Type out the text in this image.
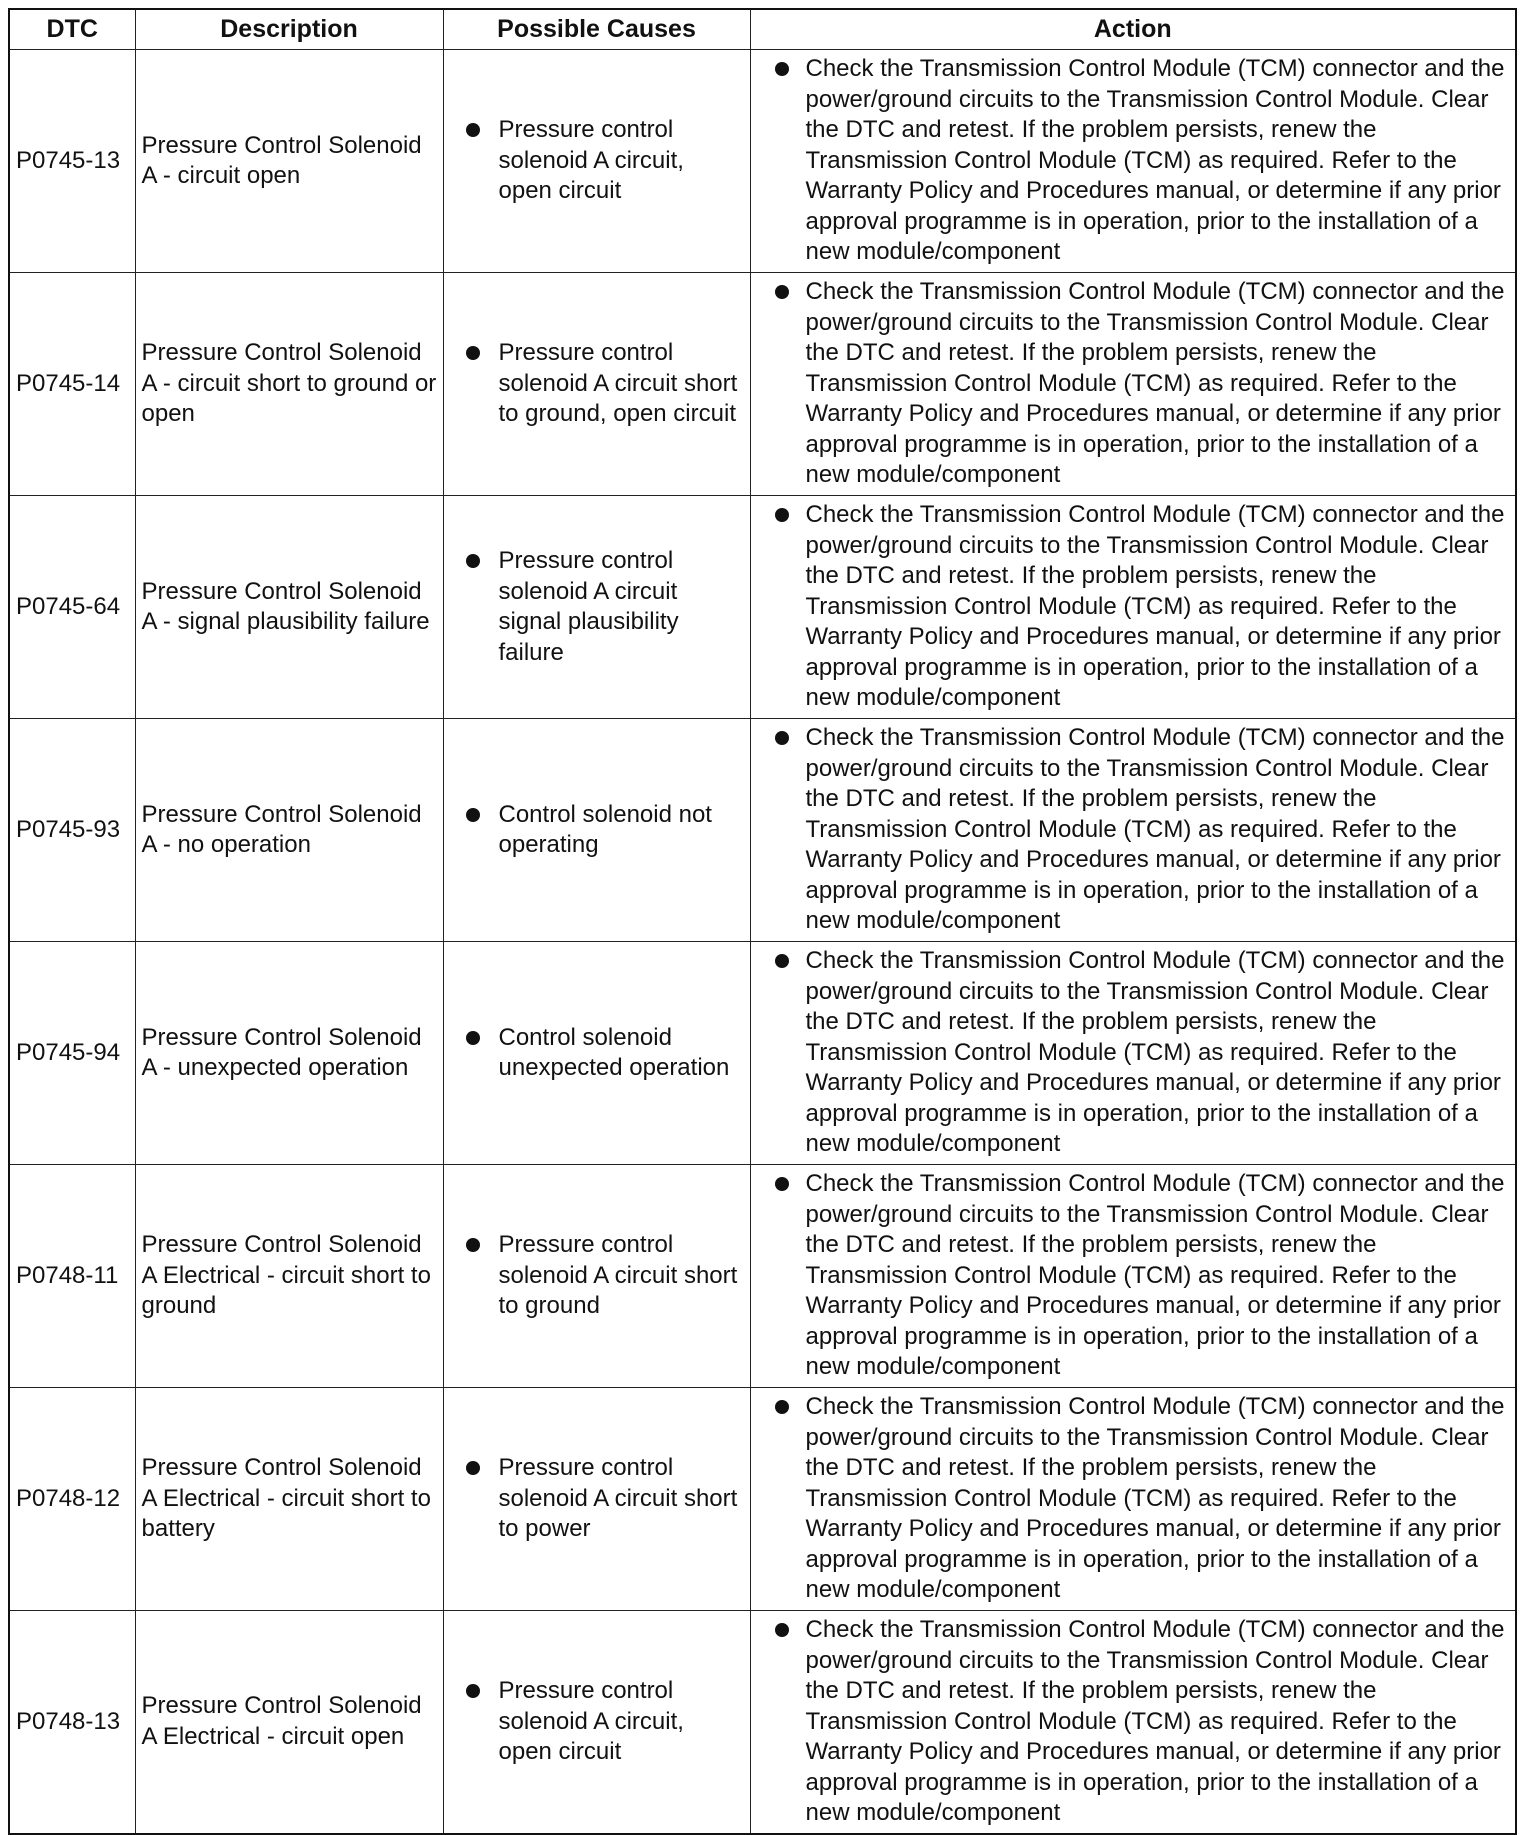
DTC	Description	Possible Causes	Action
P0745-13	Pressure Control Solenoid A - circuit open	Pressure control solenoid A circuit, open circuit	Check the Transmission Control Module (TCM) connector and the power/ground circuits to the Transmission Control Module. Clear the DTC and retest. If the problem persists, renew the Transmission Control Module (TCM) as required. Refer to the Warranty Policy and Procedures manual, or determine if any prior approval programme is in operation, prior to the installation of a new module/component

P0745-14	Pressure Control Solenoid A - circuit short to ground or open	Pressure control solenoid A circuit short to ground, open circuit	Check the Transmission Control Module (TCM) connector and the power/ground circuits to the Transmission Control Module. Clear the DTC and retest. If the problem persists, renew the Transmission Control Module (TCM) as required. Refer to the Warranty Policy and Procedures manual, or determine if any prior approval programme is in operation, prior to the installation of a new module/component

P0745-64	Pressure Control Solenoid A - signal plausibility failure	Pressure control solenoid A circuit signal plausibility failure	Check the Transmission Control Module (TCM) connector and the power/ground circuits to the Transmission Control Module. Clear the DTC and retest. If the problem persists, renew the Transmission Control Module (TCM) as required. Refer to the Warranty Policy and Procedures manual, or determine if any prior approval programme is in operation, prior to the installation of a new module/component

P0745-93	Pressure Control Solenoid A - no operation	Control solenoid not operating	Check the Transmission Control Module (TCM) connector and the power/ground circuits to the Transmission Control Module. Clear the DTC and retest. If the problem persists, renew the Transmission Control Module (TCM) as required. Refer to the Warranty Policy and Procedures manual, or determine if any prior approval programme is in operation, prior to the installation of a new module/component

P0745-94	Pressure Control Solenoid A - unexpected operation	Control solenoid unexpected operation	Check the Transmission Control Module (TCM) connector and the power/ground circuits to the Transmission Control Module. Clear the DTC and retest. If the problem persists, renew the Transmission Control Module (TCM) as required. Refer to the Warranty Policy and Procedures manual, or determine if any prior approval programme is in operation, prior to the installation of a new module/component

P0748-11	Pressure Control Solenoid A Electrical - circuit short to ground	Pressure control solenoid A circuit short to ground	Check the Transmission Control Module (TCM) connector and the power/ground circuits to the Transmission Control Module. Clear the DTC and retest. If the problem persists, renew the Transmission Control Module (TCM) as required. Refer to the Warranty Policy and Procedures manual, or determine if any prior approval programme is in operation, prior to the installation of a new module/component

P0748-12	Pressure Control Solenoid A Electrical - circuit short to battery	Pressure control solenoid A circuit short to power	Check the Transmission Control Module (TCM) connector and the power/ground circuits to the Transmission Control Module. Clear the DTC and retest. If the problem persists, renew the Transmission Control Module (TCM) as required. Refer to the Warranty Policy and Procedures manual, or determine if any prior approval programme is in operation, prior to the installation of a new module/component

P0748-13	Pressure Control Solenoid A Electrical - circuit open	Pressure control solenoid A circuit, open circuit	Check the Transmission Control Module (TCM) connector and the power/ground circuits to the Transmission Control Module. Clear the DTC and retest. If the problem persists, renew the Transmission Control Module (TCM) as required. Refer to the Warranty Policy and Procedures manual, or determine if any prior approval programme is in operation, prior to the installation of a new module/component
